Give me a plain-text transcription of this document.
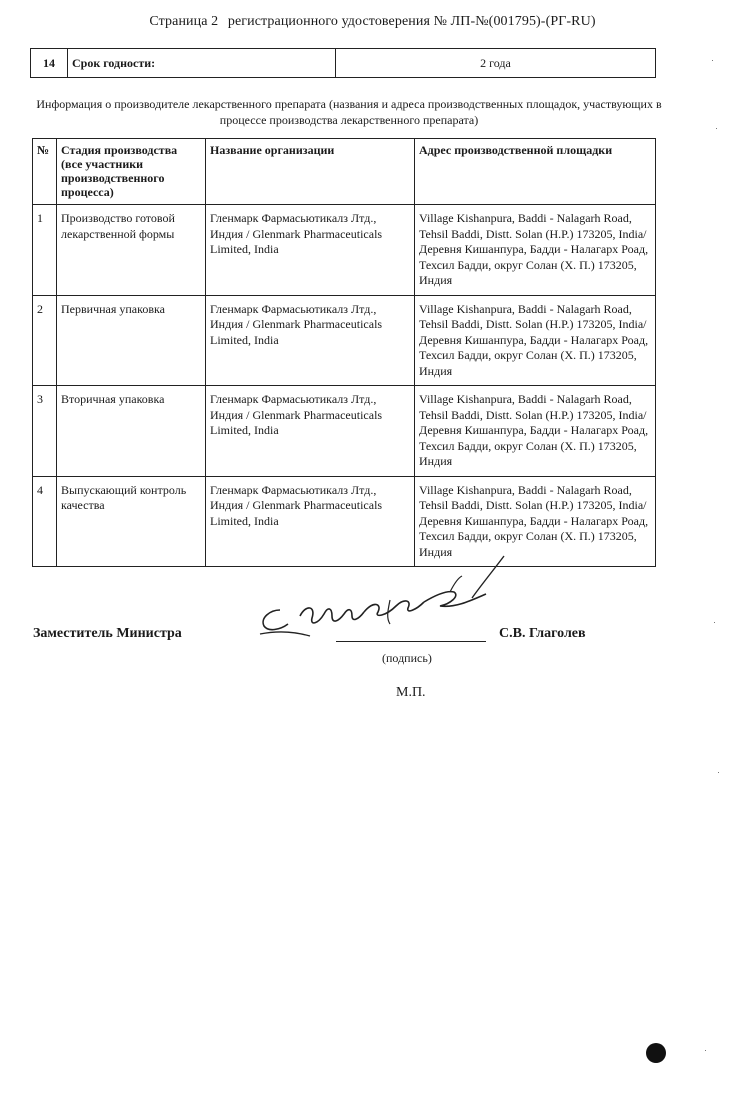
Страница 2 регистрационного удостоверения № ЛП-№(001795)-(РГ-RU)
14	Срок годности:	2 года
Информация о производителе лекарственного препарата (названия и адреса производственных площадок, участвующих в процессе производства лекарственного препарата)
№	Стадия производства (все участники производственного процесса)	Название организации	Адрес производственной площадки
1	Производство готовой лекарственной формы	Гленмарк Фармасьютикалз Лтд., Индия / Glenmark Pharmaceuticals Limited, India	Village Kishanpura, Baddi - Nalagarh Road, Tehsil Baddi, Distt. Solan (H.P.) 173205, India/Деревня Кишанпура, Бадди - Налагарх Роад, Техсил Бадди, округ Солан (Х. П.) 173205, Индия
2	Первичная упаковка	Гленмарк Фармасьютикалз Лтд., Индия / Glenmark Pharmaceuticals Limited, India	Village Kishanpura, Baddi - Nalagarh Road, Tehsil Baddi, Distt. Solan (H.P.) 173205, India/Деревня Кишанпура, Бадди - Налагарх Роад, Техсил Бадди, округ Солан (Х. П.) 173205, Индия
3	Вторичная упаковка	Гленмарк Фармасьютикалз Лтд., Индия / Glenmark Pharmaceuticals Limited, India	Village Kishanpura, Baddi - Nalagarh Road, Tehsil Baddi, Distt. Solan (H.P.) 173205, India/Деревня Кишанпура, Бадди - Налагарх Роад, Техсил Бадди, округ Солан (Х. П.) 173205, Индия
4	Выпускающий контроль качества	Гленмарк Фармасьютикалз Лтд., Индия / Glenmark Pharmaceuticals Limited, India	Village Kishanpura, Baddi - Nalagarh Road, Tehsil Baddi, Distt. Solan (H.P.) 173205, India/Деревня Кишанпура, Бадди - Налагарх Роад, Техсил Бадди, округ Солан (Х. П.) 173205, Индия
Заместитель Министра	С.В. Глаголев
(подпись)
М.П.
